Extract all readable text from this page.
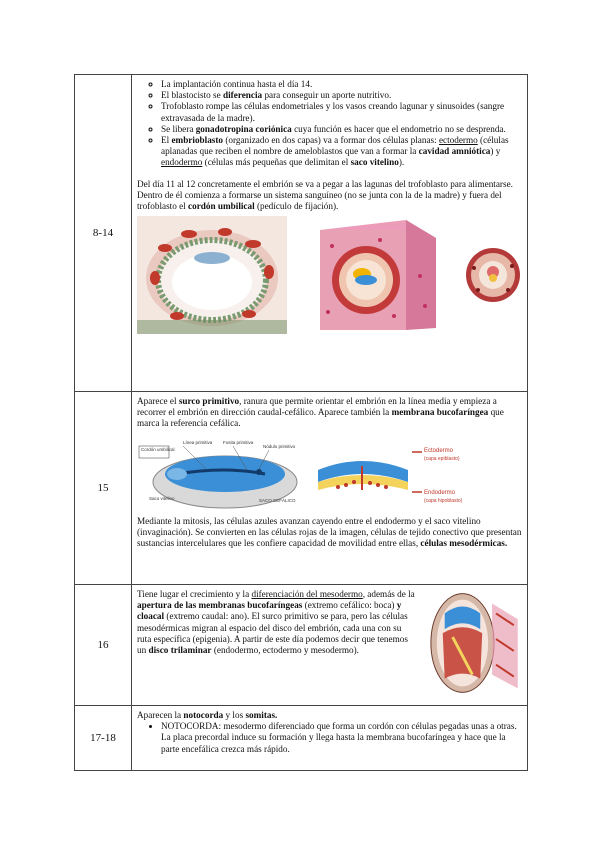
8-14
◦ La implantación continua hasta el día 14.
◦ El blastocisto se diferencia para conseguir un aporte nutritivo.
◦ Trofoblasto rompe las células endometriales y los vasos creando lagunar y sinusoides (sangre extravasada de la madre).
◦ Se libera gonadotropina coriónica cuya función es hacer que el endometrio no se desprenda.
◦ El embrioblasto (organizado en dos capas) va a formar dos células planas: ectodermo (células aplanadas que reciben el nombre de ameloblastos que van a formar la cavidad amniótica) y endodermo (células más pequeñas que delimitan el saco vitelino).

Del día 11 al 12 concretamente el embrión se va a pegar a las lagunas del trofoblasto para alimentarse. Dentro de él comienza a formarse un sistema sanguíneo (no se junta con la de la madre) y fuera del trofoblasto el cordón umbilical (pedículo de fijación).

15

Aparece el surco primitivo, ranura que permite orientar el embrión en la línea media y empieza a recorrer el embrión en dirección caudal-cefálico. Aparece también la membrana bucofaríngea que marca la referencia cefálica.

Cordón umbilical
Línea primitiva Fosita primitiva
Nódulo primitivo
Saco vitelino	SACO CEFÁLICO
Ectodermo
(capa epiblasto)
Endodermo
(capa hipoblasto)

Mediante la mitosis, las células azules avanzan cayendo entre el endodermo y el saco vitelino (invaginación). Se convierten en las células rojas de la imagen, células de tejido conectivo que presentan sustancias intercelulares que les confiere capacidad de movilidad entre ellas, células mesodérmicas.

16

Tiene lugar el crecimiento y la diferenciación del mesodermo, además de la apertura de las membranas bucofaríngeas (extremo cefálico: boca) y cloacal (extremo caudal: ano). El surco primitivo se para, pero las células mesodérmicas migran al espacio del disco del embrión, cada una con su ruta específica (epigenia). A partir de este día podemos decir que tenemos un disco trilaminar (endodermo, ectodermo y mesodermo).

17-18

Aparecen la notocorda y los somitas.

• NOTOCORDA: mesodermo diferenciado que forma un cordón con células pegadas unas a otras. La placa precordal induce su formación y llega hasta la membrana bucofaríngea y hace que la parte encefálica crezca más rápido.
